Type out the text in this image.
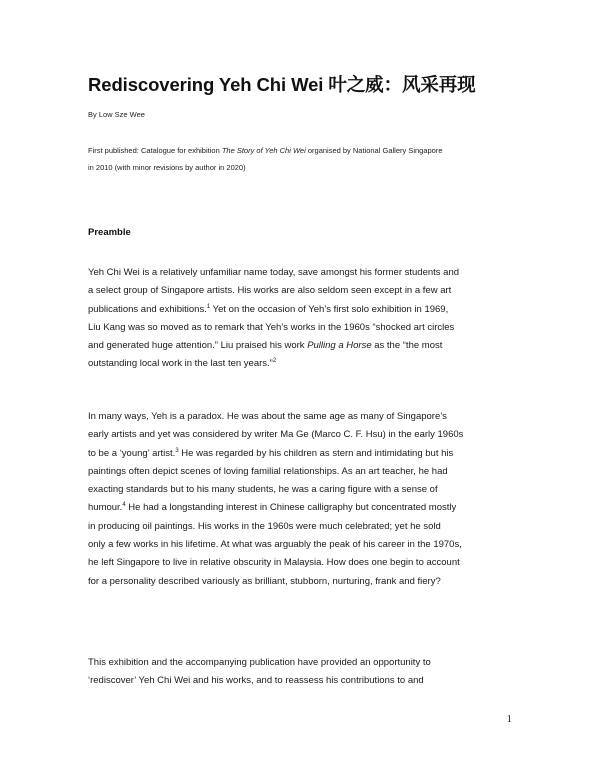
Rediscovering Yeh Chi Wei 叶之威：风采再现
By Low Sze Wee
First published: Catalogue for exhibition The Story of Yeh Chi Wei organised by National Gallery Singapore
in 2010 (with minor revisions by author in 2020)
Preamble
Yeh Chi Wei is a relatively unfamiliar name today, save amongst his former students and
a select group of Singapore artists. His works are also seldom seen except in a few art
publications and exhibitions.$^1$ Yet on the occasion of Yeh’s first solo exhibition in 1969,
Liu Kang was so moved as to remark that Yeh’s works in the 1960s “shocked art circles
and generated huge attention.” Liu praised his work Pulling a Horse as the “the most
outstanding local work in the last ten years.”$^2$
In many ways, Yeh is a paradox. He was about the same age as many of Singapore’s
early artists and yet was considered by writer Ma Ge (Marco C. F. Hsu) in the early 1960s
to be a ‘young’ artist.$^3$ He was regarded by his children as stern and intimidating but his
paintings often depict scenes of loving familial relationships. As an art teacher, he had
exacting standards but to his many students, he was a caring figure with a sense of
humour.$^4$ He had a longstanding interest in Chinese calligraphy but concentrated mostly
in producing oil paintings. His works in the 1960s were much celebrated; yet he sold
only a few works in his lifetime. At what was arguably the peak of his career in the 1970s,
he left Singapore to live in relative obscurity in Malaysia. How does one begin to account
for a personality described variously as brilliant, stubborn, nurturing, frank and fiery?
This exhibition and the accompanying publication have provided an opportunity to
‘rediscover’ Yeh Chi Wei and his works, and to reassess his contributions to and
1
